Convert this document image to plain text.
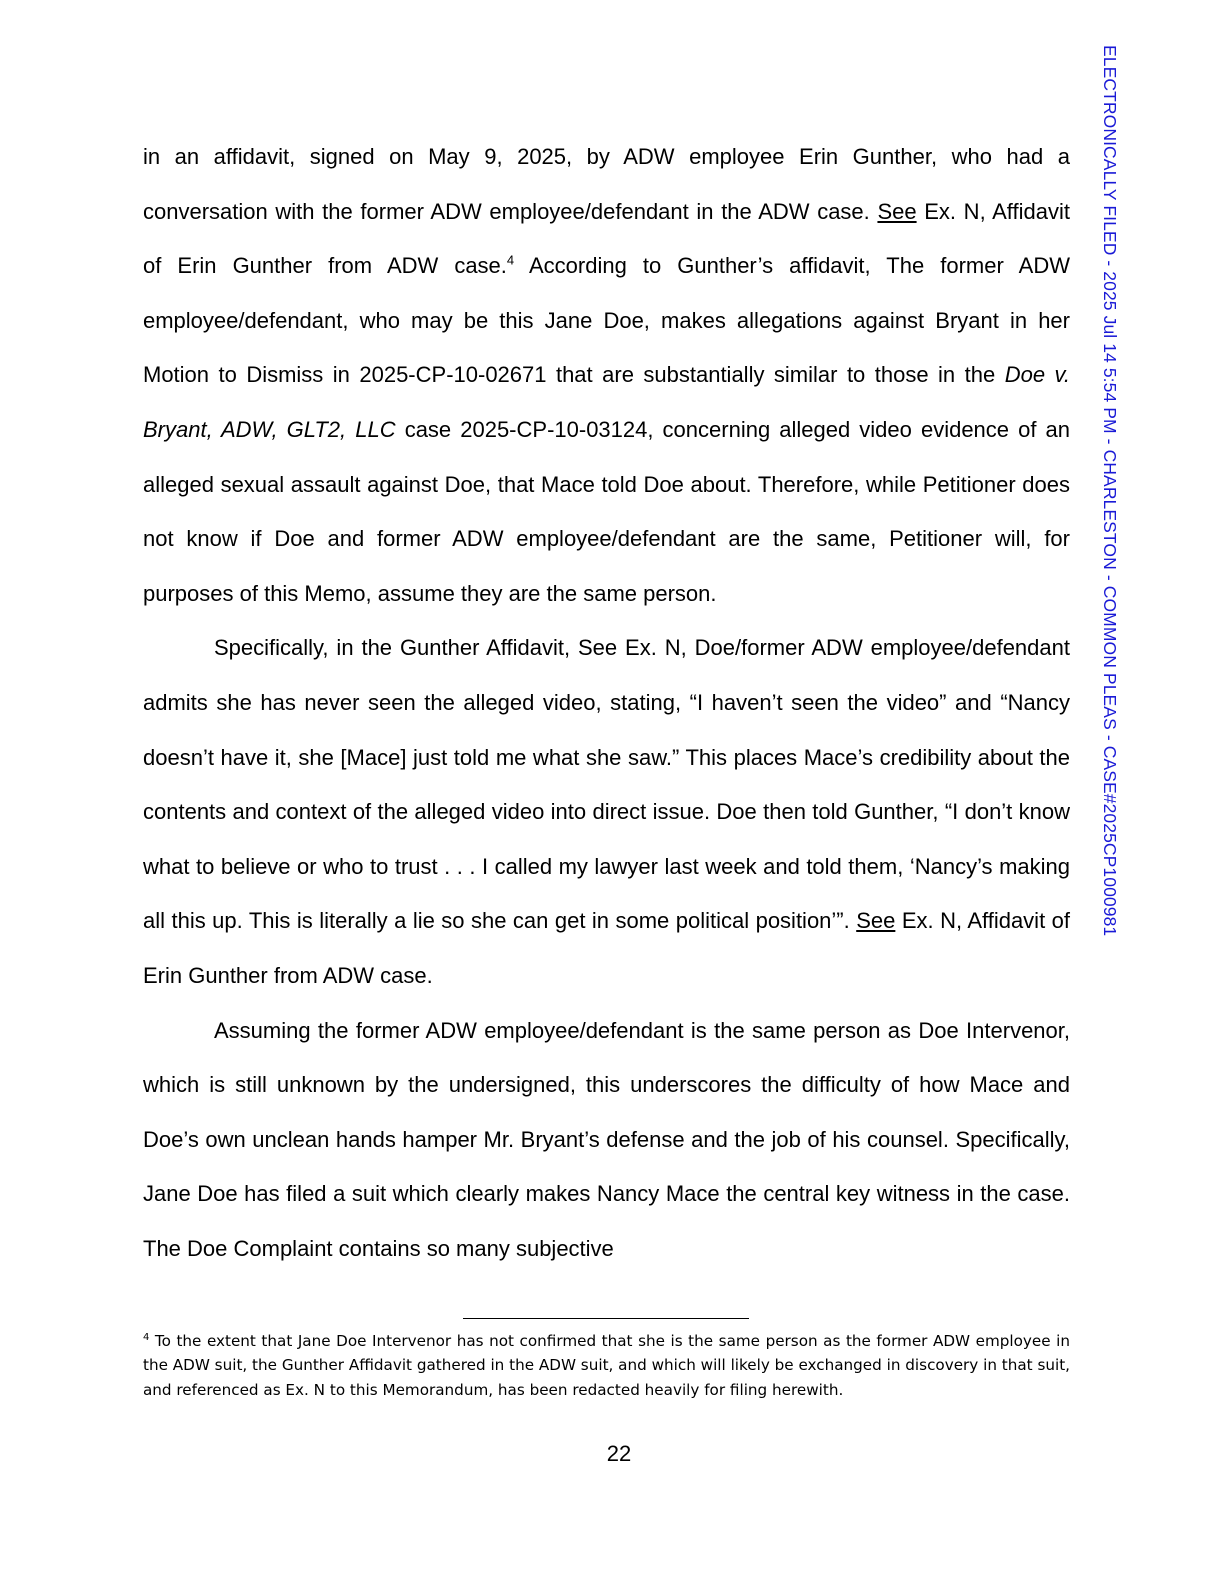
ELECTRONICALLY FILED - 2025 Jul 14 5:54 PM - CHARLESTON - COMMON PLEAS - CASE#2025CP1000981

in an affidavit, signed on May 9, 2025, by ADW employee Erin Gunther, who had a conversation with the former ADW employee/defendant in the ADW case. See Ex. N, Affidavit of Erin Gunther from ADW case.$^4$ According to Gunther’s affidavit, The former ADW employee/defendant, who may be this Jane Doe, makes allegations against Bryant in her Motion to Dismiss in 2025-CP-10-02671 that are substantially similar to those in the Doe v. Bryant, ADW, GLT2, LLC case 2025-CP-10-03124, concerning alleged video evidence of an alleged sexual assault against Doe, that Mace told Doe about. Therefore, while Petitioner does not know if Doe and former ADW employee/defendant are the same, Petitioner will, for purposes of this Memo, assume they are the same person.

Specifically, in the Gunther Affidavit, See Ex. N, Doe/former ADW employee/defendant admits she has never seen the alleged video, stating, “I haven’t seen the video” and “Nancy doesn’t have it, she [Mace] just told me what she saw.” This places Mace’s credibility about the contents and context of the alleged video into direct issue. Doe then told Gunther, “I don’t know what to believe or who to trust . . . I called my lawyer last week and told them, ‘Nancy’s making all this up. This is literally a lie so she can get in some political position’”. See Ex. N, Affidavit of Erin Gunther from ADW case.

Assuming the former ADW employee/defendant is the same person as Doe Intervenor, which is still unknown by the undersigned, this underscores the difficulty of how Mace and Doe’s own unclean hands hamper Mr. Bryant’s defense and the job of his counsel. Specifically, Jane Doe has filed a suit which clearly makes Nancy Mace the central key witness in the case. The Doe Complaint contains so many subjective

$^4$ To the extent that Jane Doe Intervenor has not confirmed that she is the same person as the former ADW employee in the ADW suit, the Gunther Affidavit gathered in the ADW suit, and which will likely be exchanged in discovery in that suit, and referenced as Ex. N to this Memorandum, has been redacted heavily for filing herewith.
22
